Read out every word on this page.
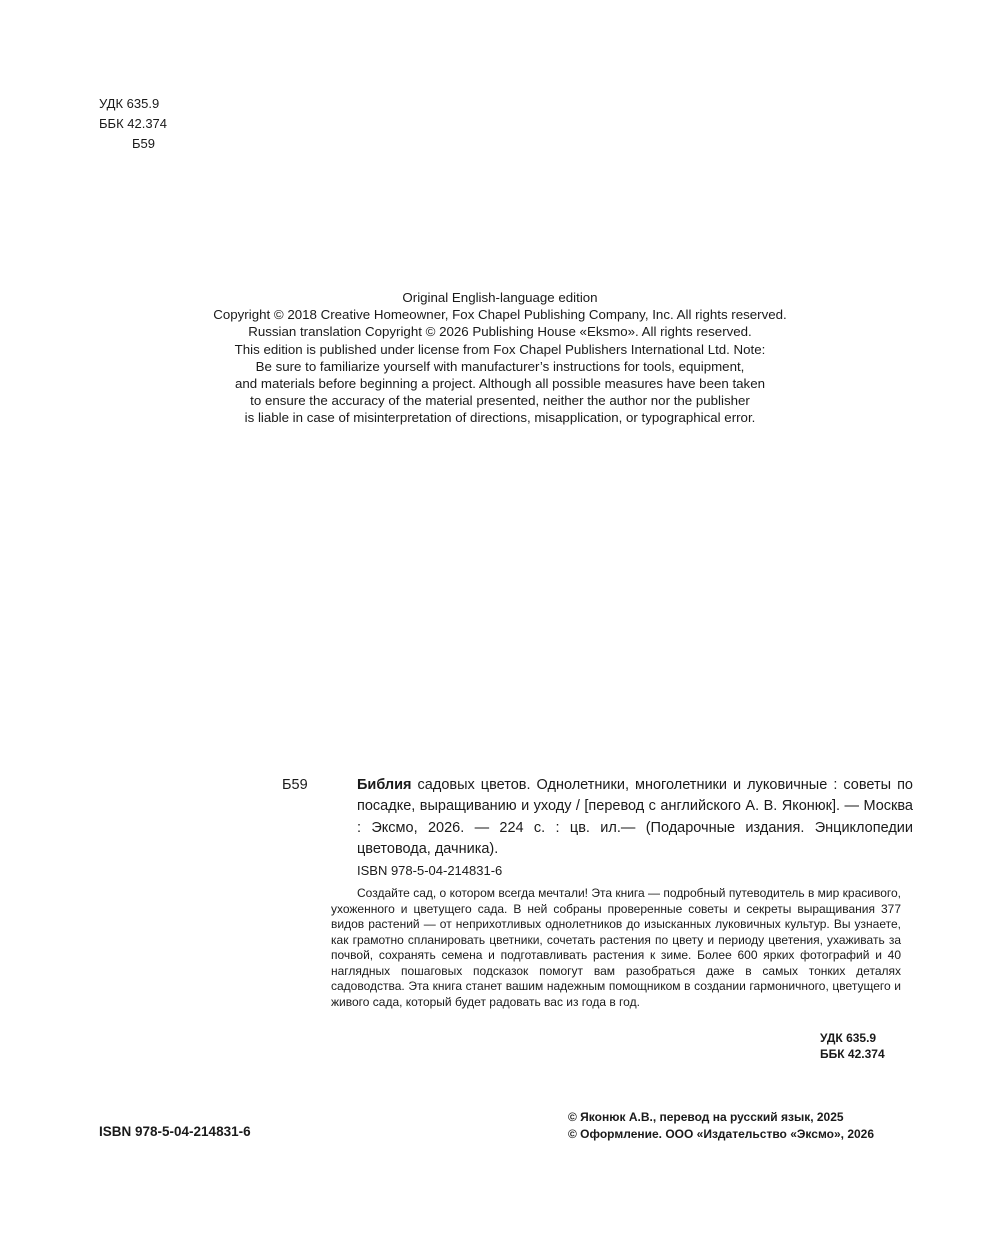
УДК 635.9
ББК 42.374
Б59
Original English-language edition
Copyright © 2018 Creative Homeowner, Fox Chapel Publishing Company, Inc. All rights reserved.
Russian translation Copyright © 2026 Publishing House «Eksmo». All rights reserved.
This edition is published under license from Fox Chapel Publishers International Ltd. Note:
Be sure to familiarize yourself with manufacturer’s instructions for tools, equipment,
and materials before beginning a project. Although all possible measures have been taken
to ensure the accuracy of the material presented, neither the author nor the publisher
is liable in case of misinterpretation of directions, misapplication, or typographical error.
Б59	Библия садовых цветов. Однолетники, многолетники и луковичные : советы по посадке, выращиванию и уходу / [перевод с английского А. В. Яконюк]. — Москва : Эксмо, 2026. — 224 с. : цв. ил.— (Подарочные издания. Энциклопедии цветовода, дачника).
ISBN 978-5-04-214831-6
Создайте сад, о котором всегда мечтали! Эта книга — подробный путеводитель в мир красивого, ухоженного и цветущего сада. В ней собраны проверенные советы и секреты выращивания 377 видов растений — от неприхотливых однолетников до изысканных луковичных культур. Вы узнаете, как грамотно спланировать цветники, сочетать растения по цвету и периоду цветения, ухаживать за почвой, сохранять семена и подготавливать растения к зиме. Более 600 ярких фотографий и 40 наглядных пошаговых подсказок помогут вам разобраться даже в самых тонких деталях садоводства. Эта книга станет вашим надежным помощником в создании гармоничного, цветущего и живого сада, который будет радовать вас из года в год.
УДК 635.9
ББК 42.374
ISBN 978-5-04-214831-6
© Яконюк А.В., перевод на русский язык, 2025
© Оформление. ООО «Издательство «Эксмо», 2026
